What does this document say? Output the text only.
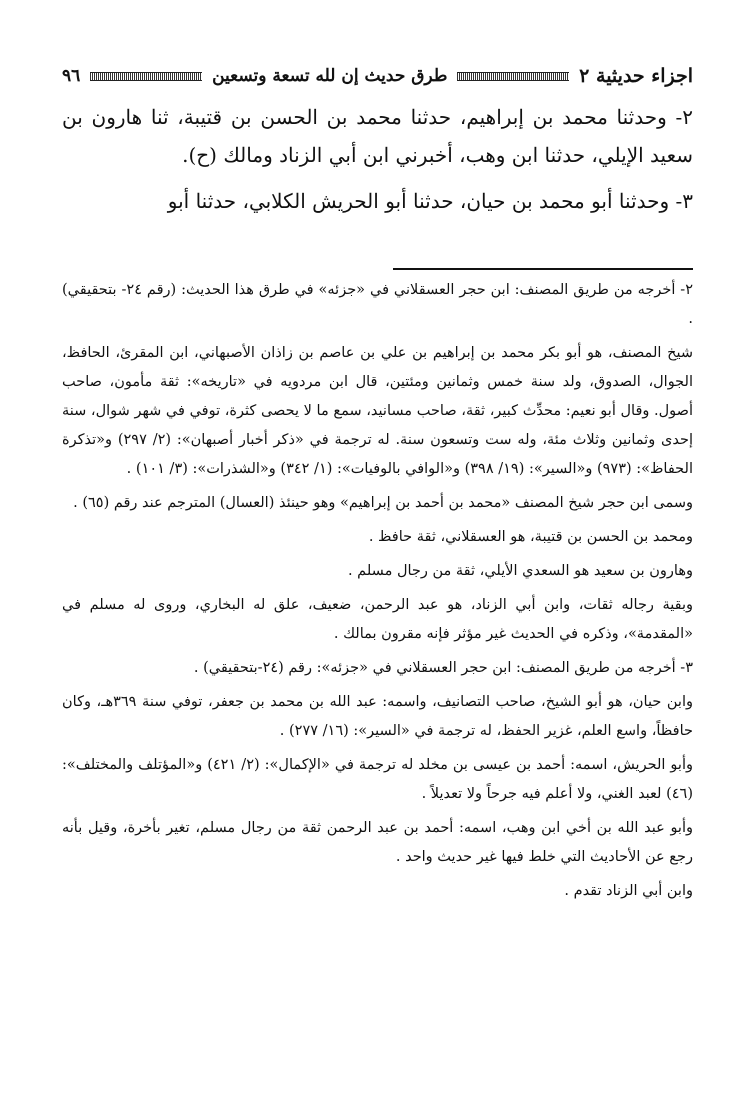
اجزاء حديثية ٢
طرق حديث إن لله تسعة وتسعين
٩٦

٢- وحدثنا محمد بن إبراهيم، حدثنا محمد بن الحسن بن قتيبة، ثنا هارون بن سعيد الإيلي، حدثنا ابن وهب، أخبرني ابن أبي الزناد ومالك (ح).

٣- وحدثنا أبو محمد بن حيان، حدثنا أبو الحريش الكلابي، حدثنا أبو

٢- أخرجه من طريق المصنف: ابن حجر العسقلاني في «جزئه» في طرق هذا الحديث: (رقم ٢٤- بتحقيقي) .

شيخ المصنف، هو أبو بكر محمد بن إبراهيم بن علي بن عاصم بن زاذان الأصبهاني، ابن المقرئ، الحافظ، الجوال، الصدوق، ولد سنة خمس وثمانين ومئتين، قال ابن مردويه في «تاريخه»: ثقة مأمون، صاحب أصول. وقال أبو نعيم: محدِّث كبير، ثقة، صاحب مسانيد، سمع ما لا يحصى كثرة، توفي في شهر شوال، سنة إحدى وثمانين وثلاث مئة، وله ست وتسعون سنة. له ترجمة في «ذكر أخبار أصبهان»: (٢/ ٢٩٧) و«تذكرة الحفاظ»: (٩٧٣) و«السير»: (١٩/ ٣٩٨) و«الوافي بالوفيات»: (١/ ٣٤٢) و«الشذرات»: (٣/ ١٠١) .

وسمى ابن حجر شيخ المصنف «محمد بن أحمد بن إبراهيم» وهو حينئذ (العسال) المترجم عند رقم (٦٥) .

ومحمد بن الحسن بن قتيبة، هو العسقلاني، ثقة حافظ .

وهارون بن سعيد هو السعدي الأيلي، ثقة من رجال مسلم .

وبقية رجاله ثقات، وابن أبي الزناد، هو عبد الرحمن، ضعيف، علق له البخاري، وروى له مسلم في «المقدمة»، وذكره في الحديث غير مؤثر فإنه مقرون بمالك .

٣- أخرجه من طريق المصنف: ابن حجر العسقلاني في «جزئه»: رقم (٢٤-بتحقيقي) .

وابن حيان، هو أبو الشيخ، صاحب التصانيف، واسمه: عبد الله بن محمد بن جعفر، توفي سنة ٣٦٩هـ، وكان حافظاً، واسع العلم، غزير الحفظ، له ترجمة في «السير»: (١٦/ ٢٧٧) .

وأبو الحريش، اسمه: أحمد بن عيسى بن مخلد له ترجمة في «الإكمال»: (٢/ ٤٢١) و«المؤتلف والمختلف»: (٤٦) لعبد الغني، ولا أعلم فيه جرحاً ولا تعديلاً .

وأبو عبد الله بن أخي ابن وهب، اسمه: أحمد بن عبد الرحمن ثقة من رجال مسلم، تغير بأخرة، وقيل بأنه رجع عن الأحاديث التي خلط فيها غير حديث واحد .

وابن أبي الزناد تقدم .
